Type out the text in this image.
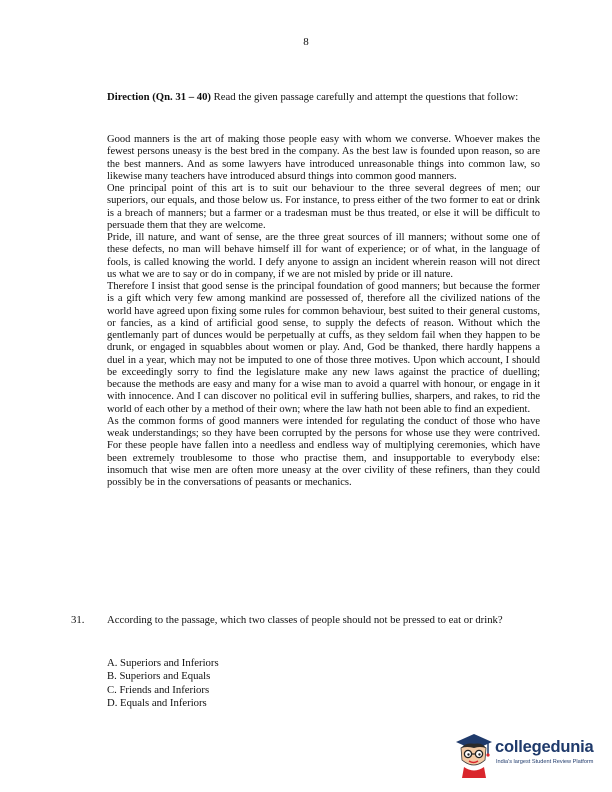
8
Direction (Qn. 31 – 40) Read the given passage carefully and attempt the questions that follow:

Good manners is the art of making those people easy with whom we converse. Whoever makes the fewest persons uneasy is the best bred in the company. As the best law is founded upon reason, so are the best manners. And as some lawyers have introduced unreasonable things into common law, so likewise many teachers have introduced absurd things into common good manners.

One principal point of this art is to suit our behaviour to the three several degrees of men; our superiors, our equals, and those below us. For instance, to press either of the two former to eat or drink is a breach of manners; but a farmer or a tradesman must be thus treated, or else it will be difficult to persuade them that they are welcome.

Pride, ill nature, and want of sense, are the three great sources of ill manners; without some one of these defects, no man will behave himself ill for want of experience; or of what, in the language of fools, is called knowing the world. I defy anyone to assign an incident wherein reason will not direct us what we are to say or do in company, if we are not misled by pride or ill nature.

Therefore I insist that good sense is the principal foundation of good manners; but because the former is a gift which very few among mankind are possessed of, therefore all the civilized nations of the world have agreed upon fixing some rules for common behaviour, best suited to their general customs, or fancies, as a kind of artificial good sense, to supply the defects of reason. Without which the gentlemanly part of dunces would be perpetually at cuffs, as they seldom fail when they happen to be drunk, or engaged in squabbles about women or play. And, God be thanked, there hardly happens a duel in a year, which may not be imputed to one of those three motives. Upon which account, I should be exceedingly sorry to find the legislature make any new laws against the practice of duelling; because the methods are easy and many for a wise man to avoid a quarrel with honour, or engage in it with innocence. And I can discover no political evil in suffering bullies, sharpers, and rakes, to rid the world of each other by a method of their own; where the law hath not been able to find an expedient.

As the common forms of good manners were intended for regulating the conduct of those who have weak understandings; so they have been corrupted by the persons for whose use they were contrived. For these people have fallen into a needless and endless way of multiplying ceremonies, which have been extremely troublesome to those who practise them, and insupportable to everybody else: insomuch that wise men are often more uneasy at the over civility of these refiners, than they could possibly be in the conversations of peasants or mechanics.

31. According to the passage, which two classes of people should not be pressed to eat or drink?
A. Superiors and Inferiors
B. Superiors and Equals
C. Friends and Inferiors
D. Equals and Inferiors
collegedunia
India's largest Student Review Platform
